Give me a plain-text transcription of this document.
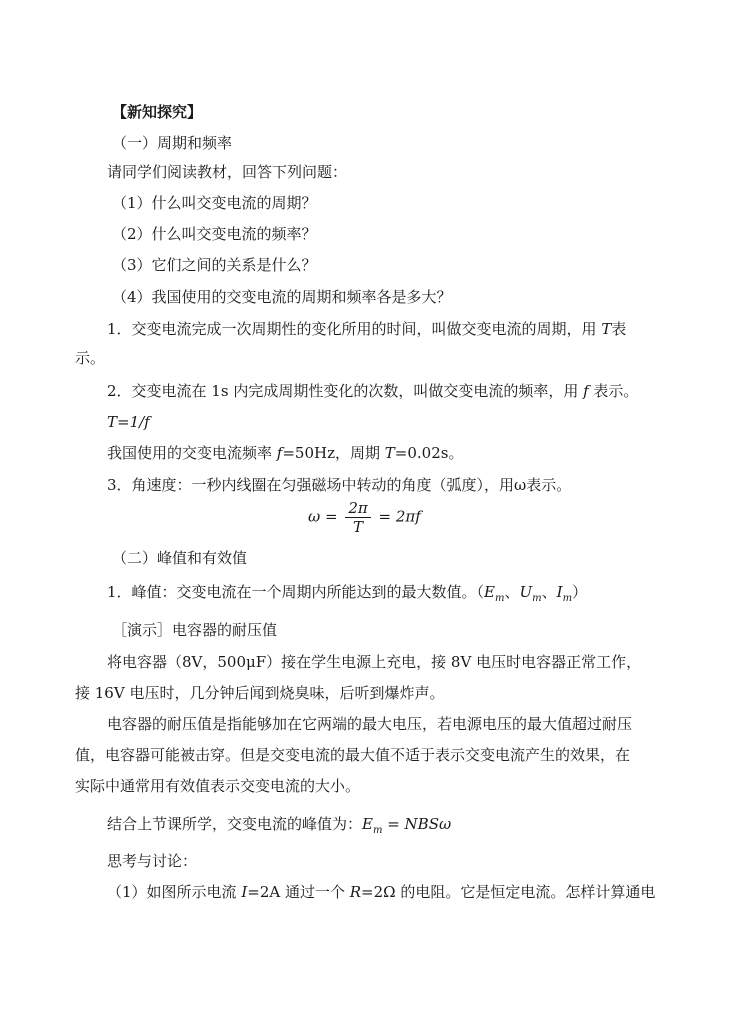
【新知探究】
（一）周期和频率
请同学们阅读教材，回答下列问题：
（1）什么叫交变电流的周期？
（2）什么叫交变电流的频率？
（3）它们之间的关系是什么？
（4）我国使用的交变电流的周期和频率各是多大？
1．交变电流完成一次周期性的变化所用的时间，叫做交变电流的周期，用 T表
示。
2．交变电流在 1s 内完成周期性变化的次数，叫做交变电流的频率，用 f 表示。
T=1/f
我国使用的交变电流频率 f=50Hz，周期 T=0.02s。
3．角速度：一秒内线圈在匀强磁场中转动的角度（弧度），用ω表示。
$\omega = \frac{2\pi}{T} = 2\pi f$
（二）峰值和有效值
1．峰值：交变电流在一个周期内所能达到的最大数值。（$E_m$、$U_m$、$I_m$）
［演示］电容器的耐压值
将电容器（8V，500μF）接在学生电源上充电，接 8V 电压时电容器正常工作，
接 16V 电压时，几分钟后闻到烧臭味，后听到爆炸声。
电容器的耐压值是指能够加在它两端的最大电压，若电源电压的最大值超过耐压
值，电容器可能被击穿。但是交变电流的最大值不适于表示交变电流产生的效果，在
实际中通常用有效值表示交变电流的大小。
结合上节课所学，交变电流的峰值为：$E_m = NBS\omega$
思考与讨论：
（1）如图所示电流 I=2A 通过一个 R=2Ω 的电阻。它是恒定电流。怎样计算通电
